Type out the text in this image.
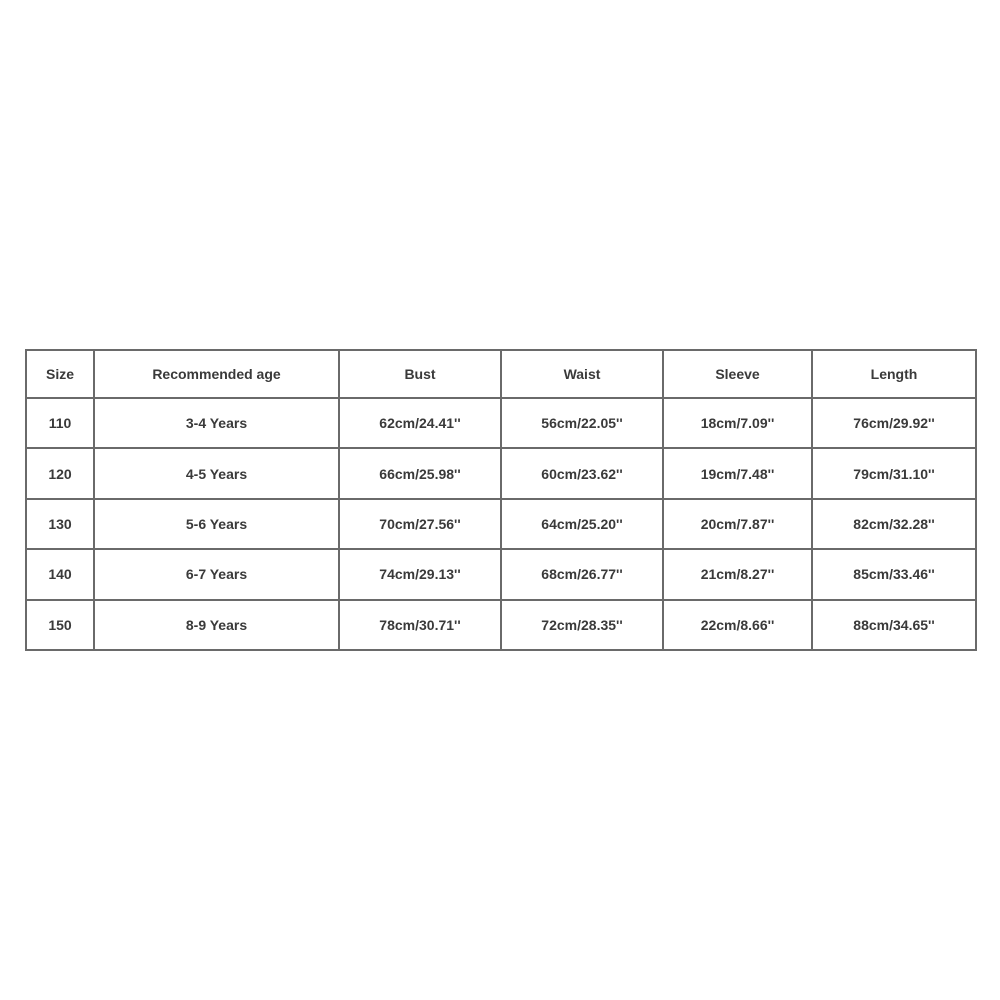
Size	Recommended age	Bust	Waist	Sleeve	Length
110	3-4 Years	62cm/24.41''	56cm/22.05''	18cm/7.09''	76cm/29.92''
120	4-5 Years	66cm/25.98''	60cm/23.62''	19cm/7.48''	79cm/31.10''
130	5-6 Years	70cm/27.56''	64cm/25.20''	20cm/7.87''	82cm/32.28''
140	6-7 Years	74cm/29.13''	68cm/26.77''	21cm/8.27''	85cm/33.46''
150	8-9 Years	78cm/30.71''	72cm/28.35''	22cm/8.66''	88cm/34.65''
